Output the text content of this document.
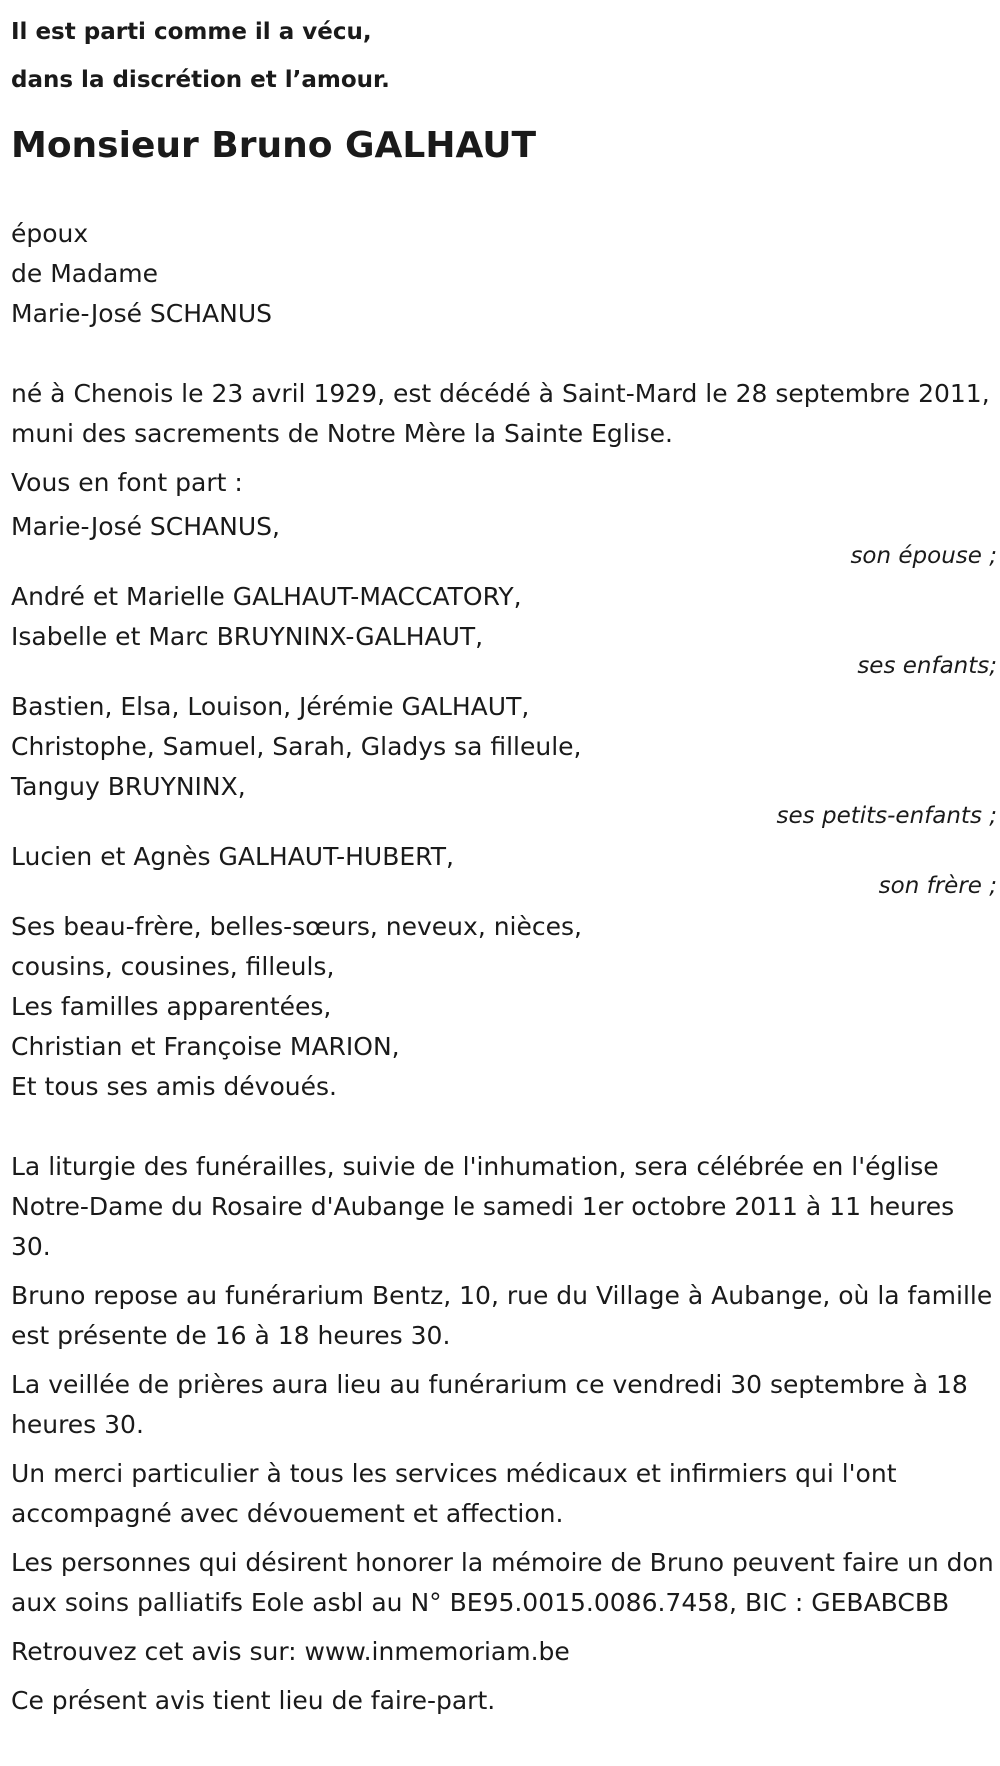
Il est parti comme il a vécu,

dans la discrétion et l’amour.

Monsieur Bruno GALHAUT
époux
de Madame
Marie-José SCHANUS

né à Chenois le 23 avril 1929, est décédé à Saint-Mard le 28 septembre 2011, muni des sacrements de Notre Mère la Sainte Eglise.

Vous en font part :

Marie-José SCHANUS,
son épouse ;
André et Marielle GALHAUT-MACCATORY,
Isabelle et Marc BRUYNINX-GALHAUT,
ses enfants;
Bastien, Elsa, Louison, Jérémie GALHAUT,
Christophe, Samuel, Sarah, Gladys sa filleule,
Tanguy BRUYNINX,
ses petits-enfants ;
Lucien et Agnès GALHAUT-HUBERT,
son frère ;
Ses beau-frère, belles-sœurs, neveux, nièces,
cousins, cousines, filleuls,
Les familles apparentées,
Christian et Françoise MARION,
Et tous ses amis dévoués.

La liturgie des funérailles, suivie de l'inhumation, sera célébrée en l'église Notre-Dame du Rosaire d'Aubange le samedi 1er octobre 2011 à 11 heures 30.

Bruno repose au funérarium Bentz, 10, rue du Village à Aubange, où la famille est présente de 16 à 18 heures 30.

La veillée de prières aura lieu au funérarium ce vendredi 30 septembre à 18 heures 30.

Un merci particulier à tous les services médicaux et infirmiers qui l'ont accompagné avec dévouement et affection.

Les personnes qui désirent honorer la mémoire de Bruno peuvent faire un don aux soins palliatifs Eole asbl au N° BE95.0015.0086.7458, BIC : GEBABCBB

Retrouvez cet avis sur: www.inmemoriam.be

Ce présent avis tient lieu de faire-part.
